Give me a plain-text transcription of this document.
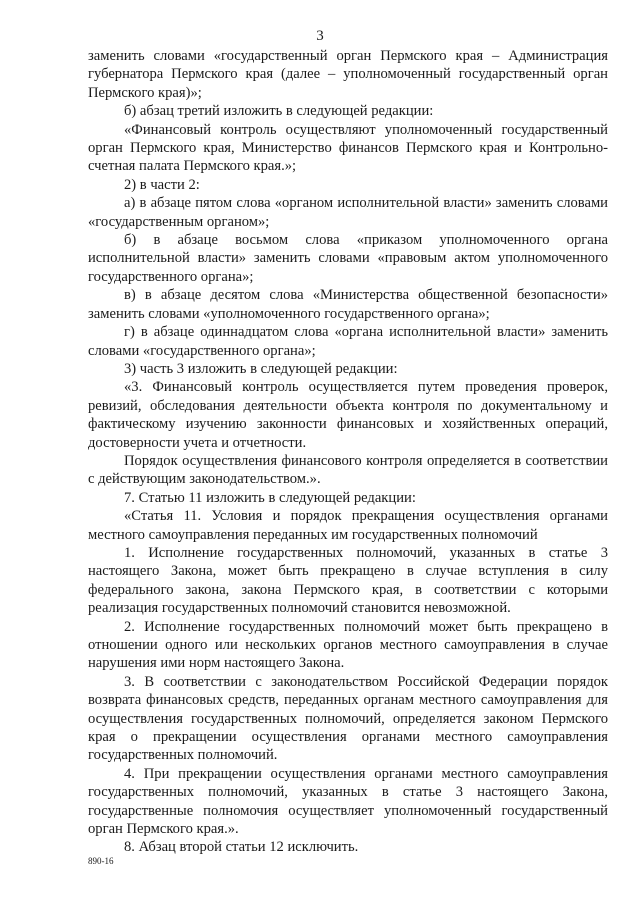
3

заменить словами «государственный орган Пермского края – Администрация губернатора Пермского края (далее – уполномоченный государственный орган Пермского края)»;

б) абзац третий изложить в следующей редакции:

«Финансовый контроль осуществляют уполномоченный государственный орган Пермского края, Министерство финансов Пермского края и Контрольно-счетная палата Пермского края.»;

2) в части 2:

а) в абзаце пятом слова «органом исполнительной власти» заменить словами «государственным органом»;

б) в абзаце восьмом слова «приказом уполномоченного органа исполнительной власти» заменить словами «правовым актом уполномоченного государственного органа»;

в) в абзаце десятом слова «Министерства общественной безопасности» заменить словами «уполномоченного государственного органа»;

г) в абзаце одиннадцатом слова «органа исполнительной власти» заменить словами «государственного органа»;

3) часть 3 изложить в следующей редакции:

«3. Финансовый контроль осуществляется путем проведения проверок, ревизий, обследования деятельности объекта контроля по документальному и фактическому изучению законности финансовых и хозяйственных операций, достоверности учета и отчетности.

Порядок осуществления финансового контроля определяется в соответствии с действующим законодательством.».

7. Статью 11 изложить в следующей редакции:

«Статья 11. Условия и порядок прекращения осуществления органами местного самоуправления переданных им государственных полномочий

1. Исполнение государственных полномочий, указанных в статье 3 настоящего Закона, может быть прекращено в случае вступления в силу федерального закона, закона Пермского края, в соответствии с которыми реализация государственных полномочий становится невозможной.

2. Исполнение государственных полномочий может быть прекращено в отношении одного или нескольких органов местного самоуправления в случае нарушения ими норм настоящего Закона.

3. В соответствии с законодательством Российской Федерации порядок возврата финансовых средств, переданных органам местного самоуправления для осуществления государственных полномочий, определяется законом Пермского края о прекращении осуществления органами местного самоуправления государственных полномочий.

4. При прекращении осуществления органами местного самоуправления государственных полномочий, указанных в статье 3 настоящего Закона, государственные полномочия осуществляет уполномоченный государственный орган Пермского края.».

8. Абзац второй статьи 12 исключить.

890-16
